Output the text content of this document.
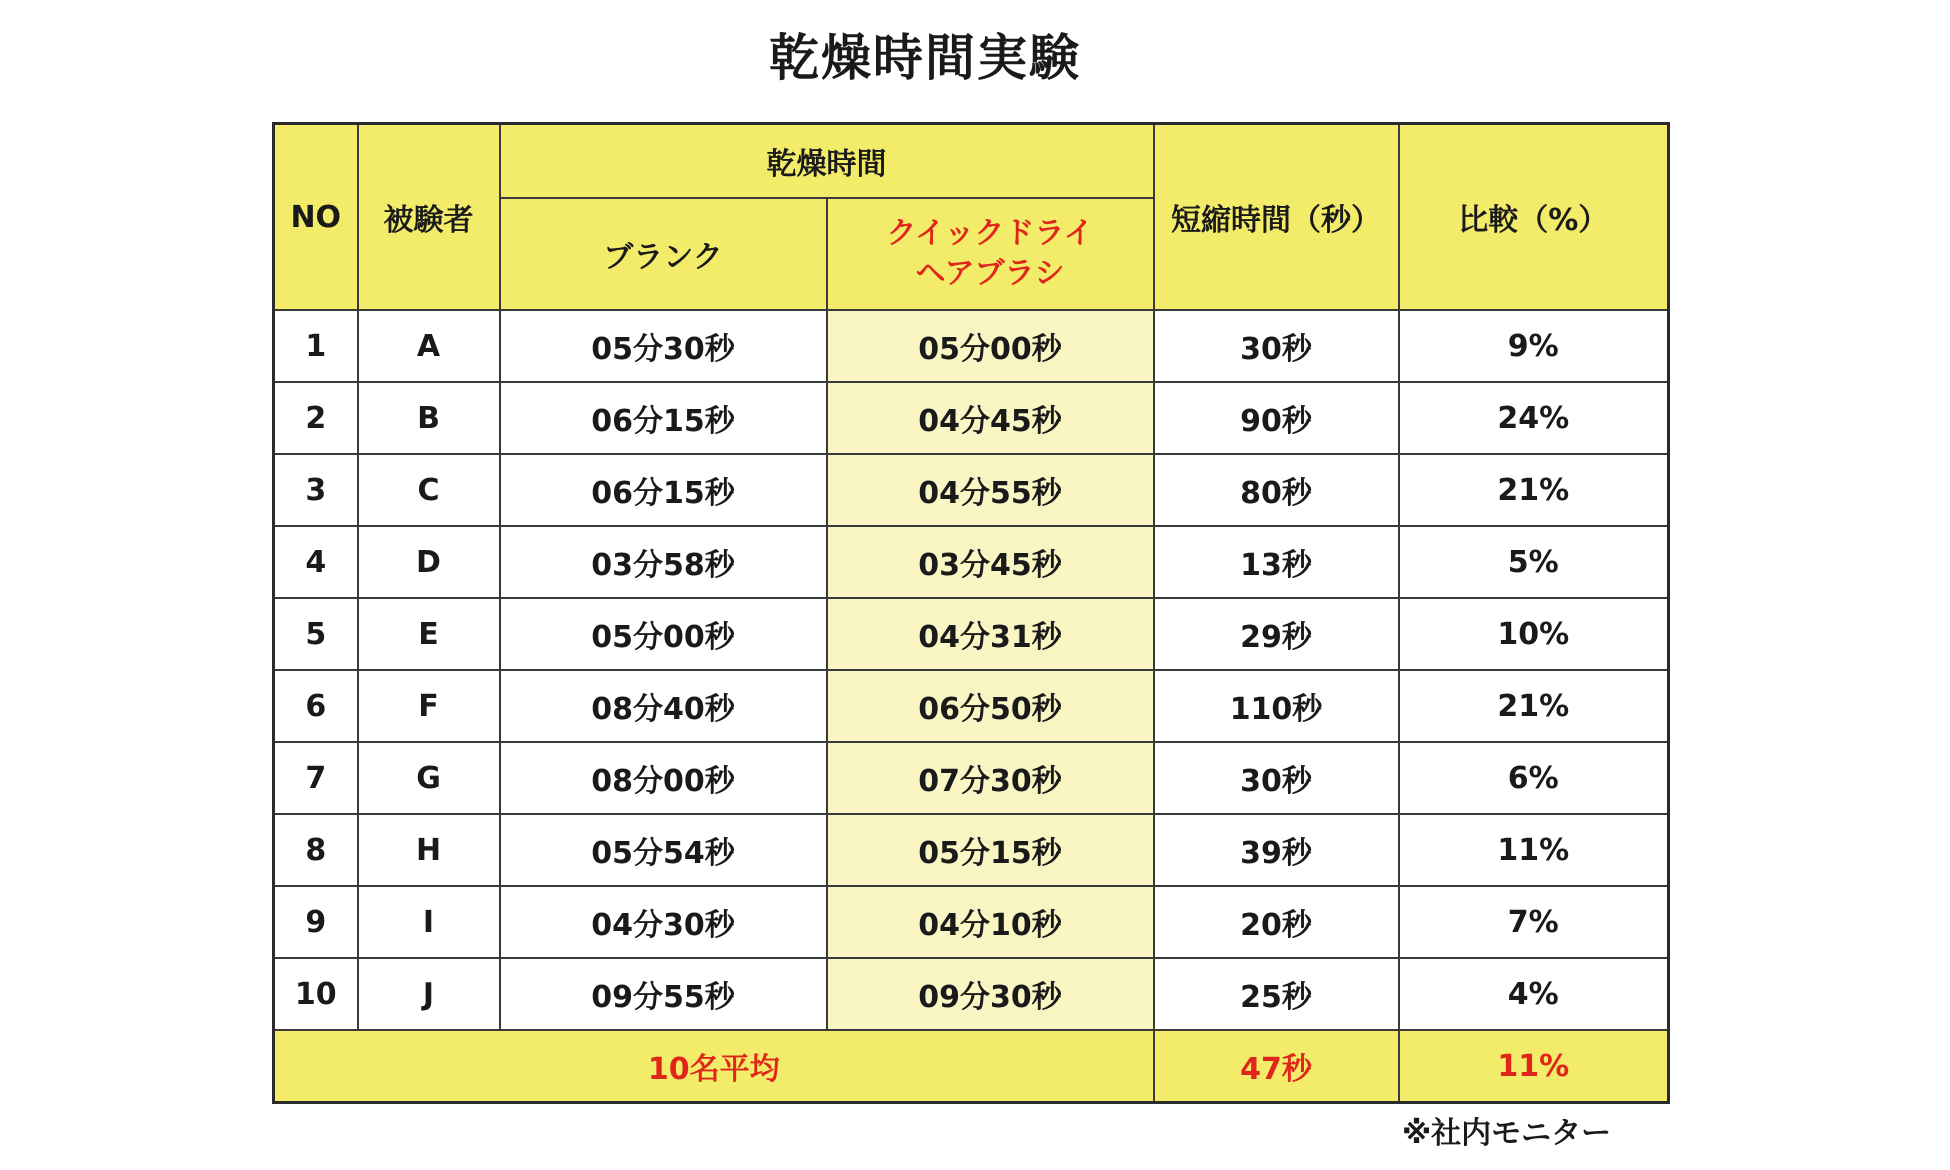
乾燥時間実験
NO	被験者	乾燥時間		短縮時間（秒）	比較（%）
		ブランク	クイックドライ
ヘアブラシ		
1	A	05分30秒	05分00秒	30秒	9%
2	B	06分15秒	04分45秒	90秒	24%
3	C	06分15秒	04分55秒	80秒	21%
4	D	03分58秒	03分45秒	13秒	5%
5	E	05分00秒	04分31秒	29秒	10%
6	F	08分40秒	06分50秒	110秒	21%
7	G	08分00秒	07分30秒	30秒	6%
8	H	05分54秒	05分15秒	39秒	11%
9	I	04分30秒	04分10秒	20秒	7%
10	J	09分55秒	09分30秒	25秒	4%
10名平均				47秒	11%
※社内モニター
